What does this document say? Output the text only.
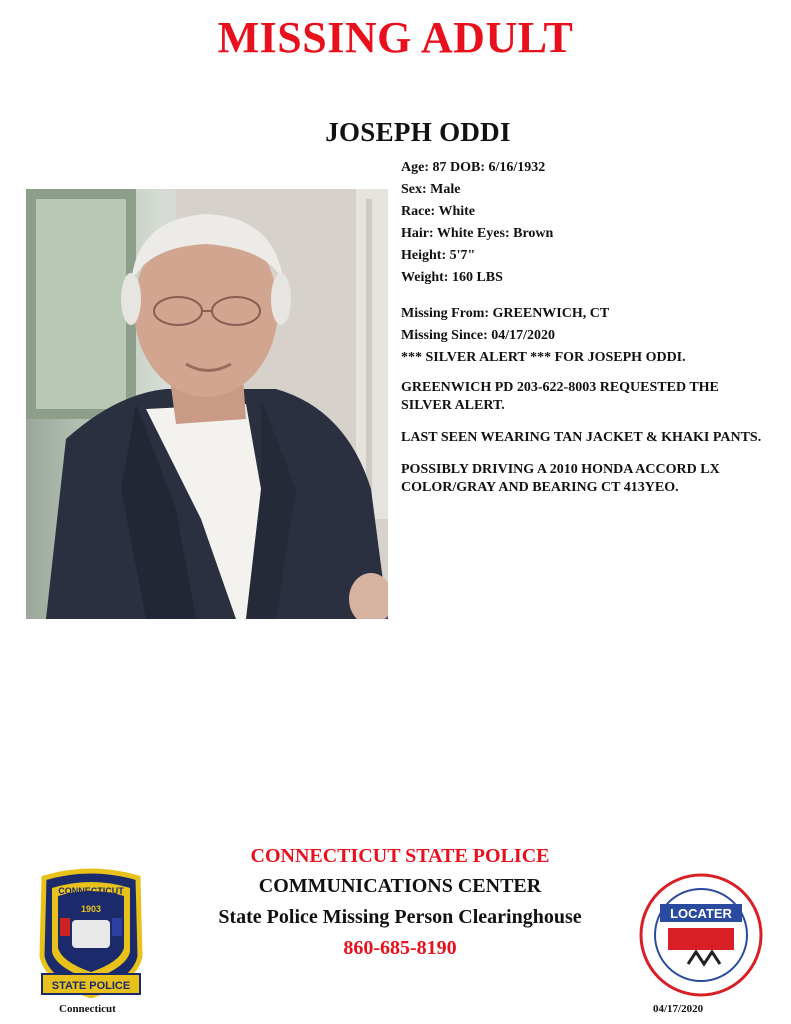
MISSING ADULT
JOSEPH ODDI
Age: 87 DOB: 6/16/1932
Sex: Male
Race: White
Hair: White Eyes: Brown
Height: 5'7"
Weight: 160 LBS
Missing From: GREENWICH, CT
Missing Since: 04/17/2020
*** SILVER ALERT *** FOR JOSEPH ODDI.
GREENWICH PD 203-622-8003 REQUESTED THE SILVER ALERT.
LAST SEEN WEARING TAN JACKET & KHAKI PANTS.
POSSIBLY DRIVING A 2010 HONDA ACCORD LX COLOR/GRAY AND BEARING CT 413YEO.
CONNECTICUT STATE POLICE
COMMUNICATIONS CENTER
State Police Missing Person Clearinghouse
860-685-8190
CONNECTICUT
1903
STATE POLICE
LOCATER
Connecticut	04/17/2020
